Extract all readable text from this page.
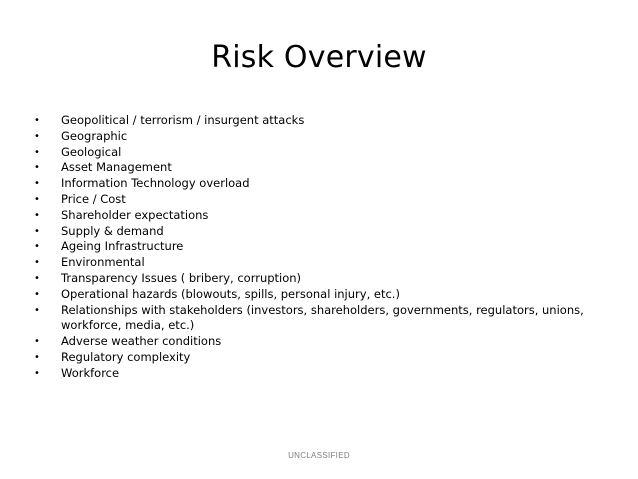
Risk Overview
•	Geopolitical / terrorism / insurgent attacks
•	Geographic
•	Geological
•	Asset Management
•	Information Technology overload
•	Price / Cost
•	Shareholder expectations
•	Supply & demand
•	Ageing Infrastructure
•	Environmental
•	Transparency Issues ( bribery, corruption)
•	Operational hazards (blowouts, spills, personal injury, etc.)
•	Relationships with stakeholders (investors, shareholders, governments, regulators, unions,
workforce, media, etc.)
•	Adverse weather conditions
•	Regulatory complexity
•	Workforce
UNCLASSIFIED
